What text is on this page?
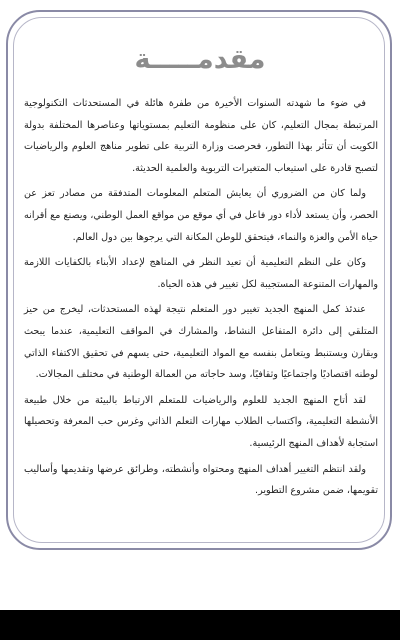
مقدمـــــة

في ضوء ما شهدته السنوات الأخيرة من طفرة هائلة في المستحدثات التكنولوجية المرتبطة بمجال التعليم، كان على منظومة التعليم بمستوياتها وعناصرها المختلفة بدولة الكويت أن تتأثر بهذا التطور، فحرصت وزارة التربية على تطوير مناهج العلوم والرياضيات لتصبح قادرة على استيعاب المتغيرات التربوية والعلمية الحديثة.

ولما كان من الضروري أن يعايش المتعلم المعلومات المتدفقة من مصادر تعز عن الحصر، وأن يستعد لأداء دور فاعل في أي موقع من مواقع العمل الوطني، ويصنع مع أقرانه حياة الأمن والعزة والنماء، فيتحقق للوطن المكانة التي يرجوها بين دول العالم.

وكان على النظم التعليمية أن تعيد النظر في المناهج لإعداد الأبناء بالكفايات اللازمة والمهارات المتنوعة المستجيبة لكل تغيير في هذه الحياة.

عندئذ كمل المنهج الجديد تغيير دور المتعلم نتيجة لهذه المستحدثات، ليخرج من حيز المتلقي إلى دائرة المتفاعل النشاط، والمشارك في المواقف التعليمية، عندما يبحث ويقارن ويستنبط ويتعامل بنفسه مع المواد التعليمية، حتى يسهم في تحقيق الاكتفاء الذاتي لوطنه اقتصاديًا واجتماعيًا وثقافيًا، وسد حاجاته من العمالة الوطنية في مختلف المجالات.

لقد أتاح المنهج الجديد للعلوم والرياضيات للمتعلم الارتباط بالبيئة من خلال طبيعة الأنشطة التعليمية، واكتساب الطلاب مهارات التعلم الذاتي وغرس حب المعرفة وتحصيلها استجابة لأهداف المنهج الرئيسية.

ولقد انتظم التغيير أهداف المنهج ومحتواه وأنشطته، وطرائق عرضها وتقديمها وأساليب تقويمها، ضمن مشروع التطوير.
